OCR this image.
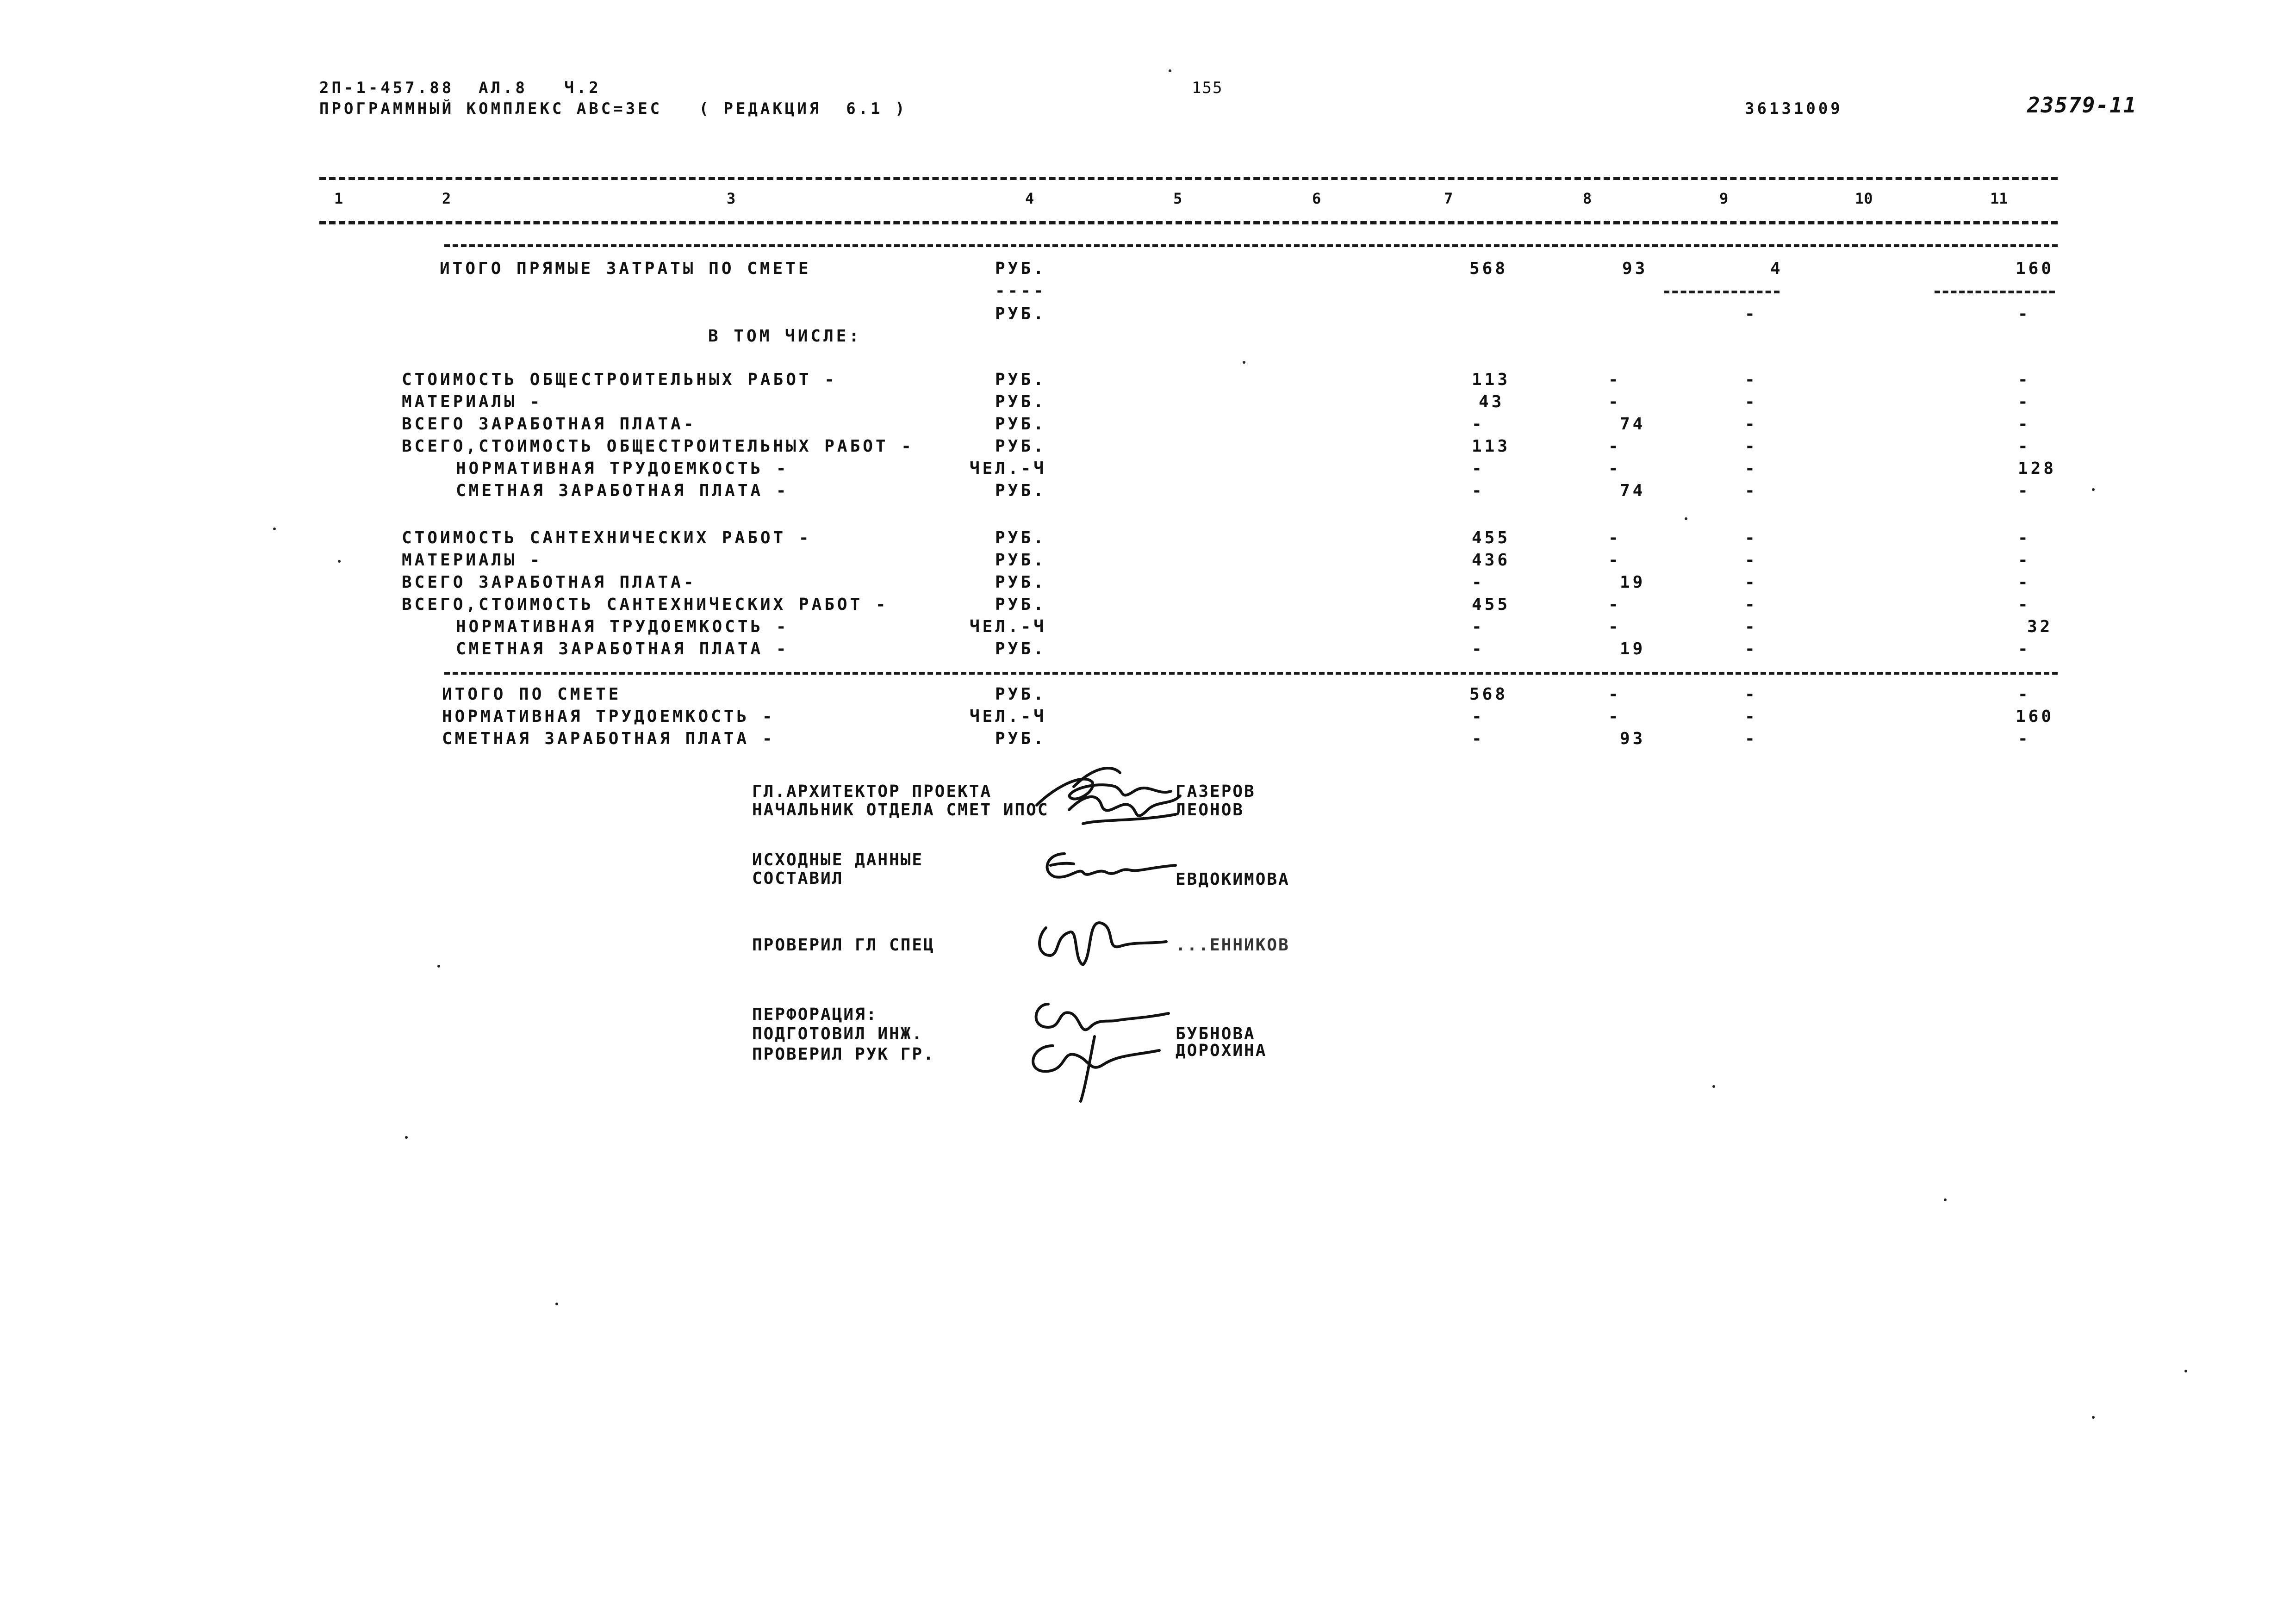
2П-1-457.88  АЛ.8   Ч.2
ПРОГРАММНЫЙ КОМПЛЕКС АВС=3ЕС   ( РЕДАКЦИЯ  6.1 )
155
36131009	23579-11
1	2	3	4	5	6	7	8	9	10	11
ИТОГО ПРЯМЫЕ ЗАТРАТЫ ПО СМЕТЕ	РУБ.	568	93	4	160
----
РУБ.	-	-
В ТОМ ЧИСЛЕ:
СТОИМОСТЬ ОБЩЕСТРОИТЕЛЬНЫХ РАБОТ -	РУБ.	113	-	-	-
МАТЕРИАЛЫ -	РУБ.	43	-	-	-
ВСЕГО ЗАРАБОТНАЯ ПЛАТА-	РУБ.	-	74	-	-
ВСЕГО,СТОИМОСТЬ ОБЩЕСТРОИТЕЛЬНЫХ РАБОТ -	РУБ.	113	-	-	-
НОРМАТИВНАЯ ТРУДОЕМКОСТЬ -	ЧЕЛ.-Ч	-	-	-	128
СМЕТНАЯ ЗАРАБОТНАЯ ПЛАТА -	РУБ.	-	74	-	-
СТОИМОСТЬ САНТЕХНИЧЕСКИХ РАБОТ -	РУБ.	455	-	-	-
МАТЕРИАЛЫ -	РУБ.	436	-	-	-
ВСЕГО ЗАРАБОТНАЯ ПЛАТА-	РУБ.	-	19	-	-
ВСЕГО,СТОИМОСТЬ САНТЕХНИЧЕСКИХ РАБОТ -	РУБ.	455	-	-	-
НОРМАТИВНАЯ ТРУДОЕМКОСТЬ -	ЧЕЛ.-Ч	-	-	-	32
СМЕТНАЯ ЗАРАБОТНАЯ ПЛАТА -	РУБ.	-	19	-	-
ИТОГО ПО СМЕТЕ	РУБ.	568	-	-	-
НОРМАТИВНАЯ ТРУДОЕМКОСТЬ -	ЧЕЛ.-Ч	-	-	-	160
СМЕТНАЯ ЗАРАБОТНАЯ ПЛАТА -	РУБ.	-	93	-	-
ГЛ.АРХИТЕКТОР ПРОЕКТА	ГАЗЕРОВ
НАЧАЛЬНИК ОТДЕЛА СМЕТ ИПОС	ЛЕОНОВ
ИСХОДНЫЕ ДАННЫЕ
СОСТАВИЛ	ЕВДОКИМОВА
ПРОВЕРИЛ ГЛ СПЕЦ	...ЕННИКОВ
ПЕРФОРАЦИЯ:
ПОДГОТОВИЛ ИНЖ.	БУБНОВА
ПРОВЕРИЛ РУК ГР.	ДОРОХИНА
